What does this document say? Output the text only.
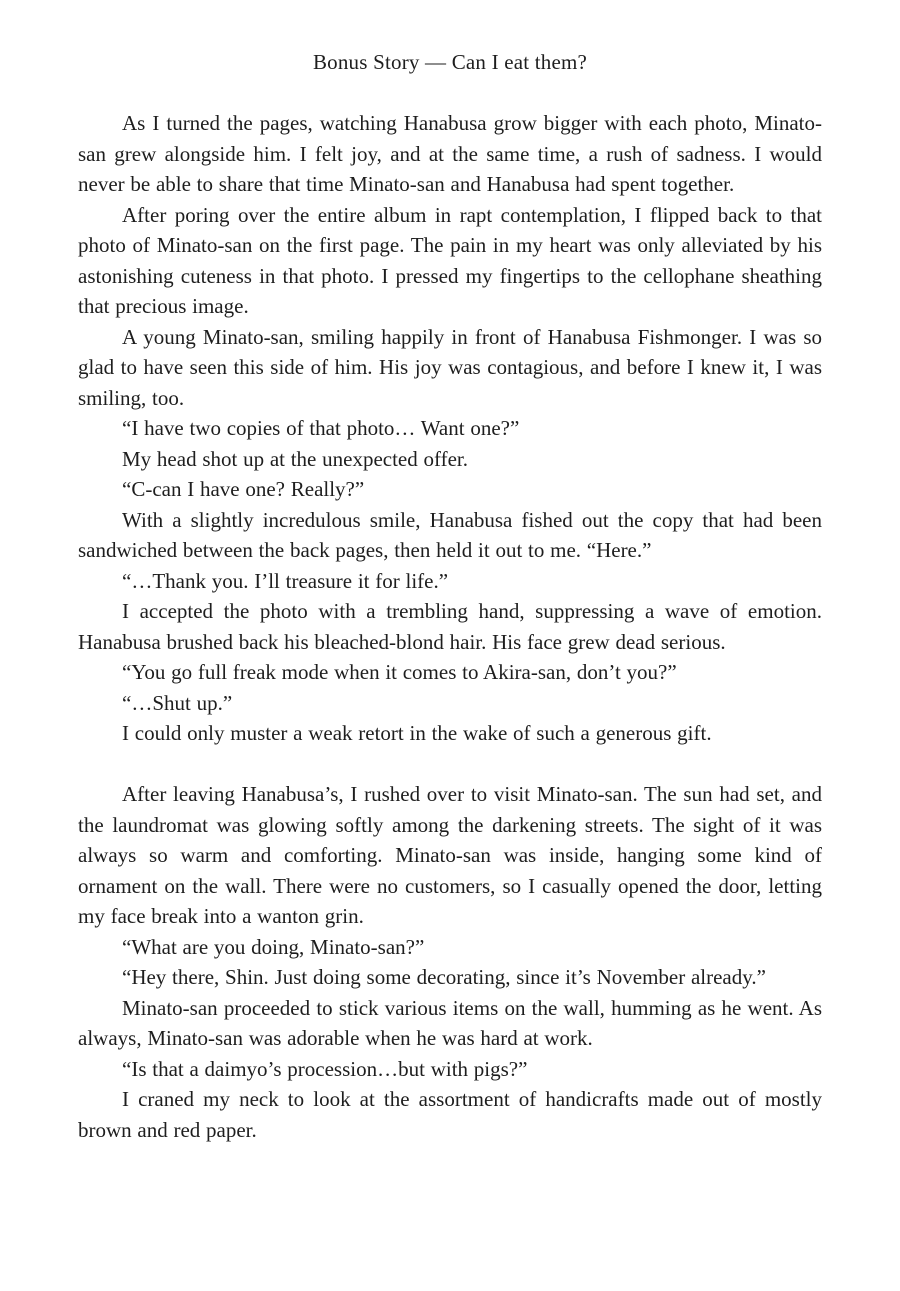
Bonus Story — Can I eat them?

As I turned the pages, watching Hanabusa grow bigger with each photo, Minato-san grew alongside him. I felt joy, and at the same time, a rush of sadness. I would never be able to share that time Minato-san and Hanabusa had spent together.

After poring over the entire album in rapt contemplation, I flipped back to that photo of Minato-san on the first page. The pain in my heart was only alleviated by his astonishing cuteness in that photo. I pressed my fingertips to the cellophane sheathing that precious image.

A young Minato-san, smiling happily in front of Hanabusa Fishmonger. I was so glad to have seen this side of him. His joy was contagious, and before I knew it, I was smiling, too.

“I have two copies of that photo… Want one?”

My head shot up at the unexpected offer.

“C-can I have one? Really?”

With a slightly incredulous smile, Hanabusa fished out the copy that had been sandwiched between the back pages, then held it out to me. “Here.”

“…Thank you. I’ll treasure it for life.”

I accepted the photo with a trembling hand, suppressing a wave of emotion. Hanabusa brushed back his bleached-blond hair. His face grew dead serious.

“You go full freak mode when it comes to Akira-san, don’t you?”

“…Shut up.”

I could only muster a weak retort in the wake of such a generous gift.

After leaving Hanabusa’s, I rushed over to visit Minato-san. The sun had set, and the laundromat was glowing softly among the darkening streets. The sight of it was always so warm and comforting. Minato-san was inside, hanging some kind of ornament on the wall. There were no customers, so I casually opened the door, letting my face break into a wanton grin.

“What are you doing, Minato-san?”

“Hey there, Shin. Just doing some decorating, since it’s November already.”

Minato-san proceeded to stick various items on the wall, humming as he went. As always, Minato-san was adorable when he was hard at work.

“Is that a daimyo’s procession…but with pigs?”

I craned my neck to look at the assortment of handicrafts made out of mostly brown and red paper.
